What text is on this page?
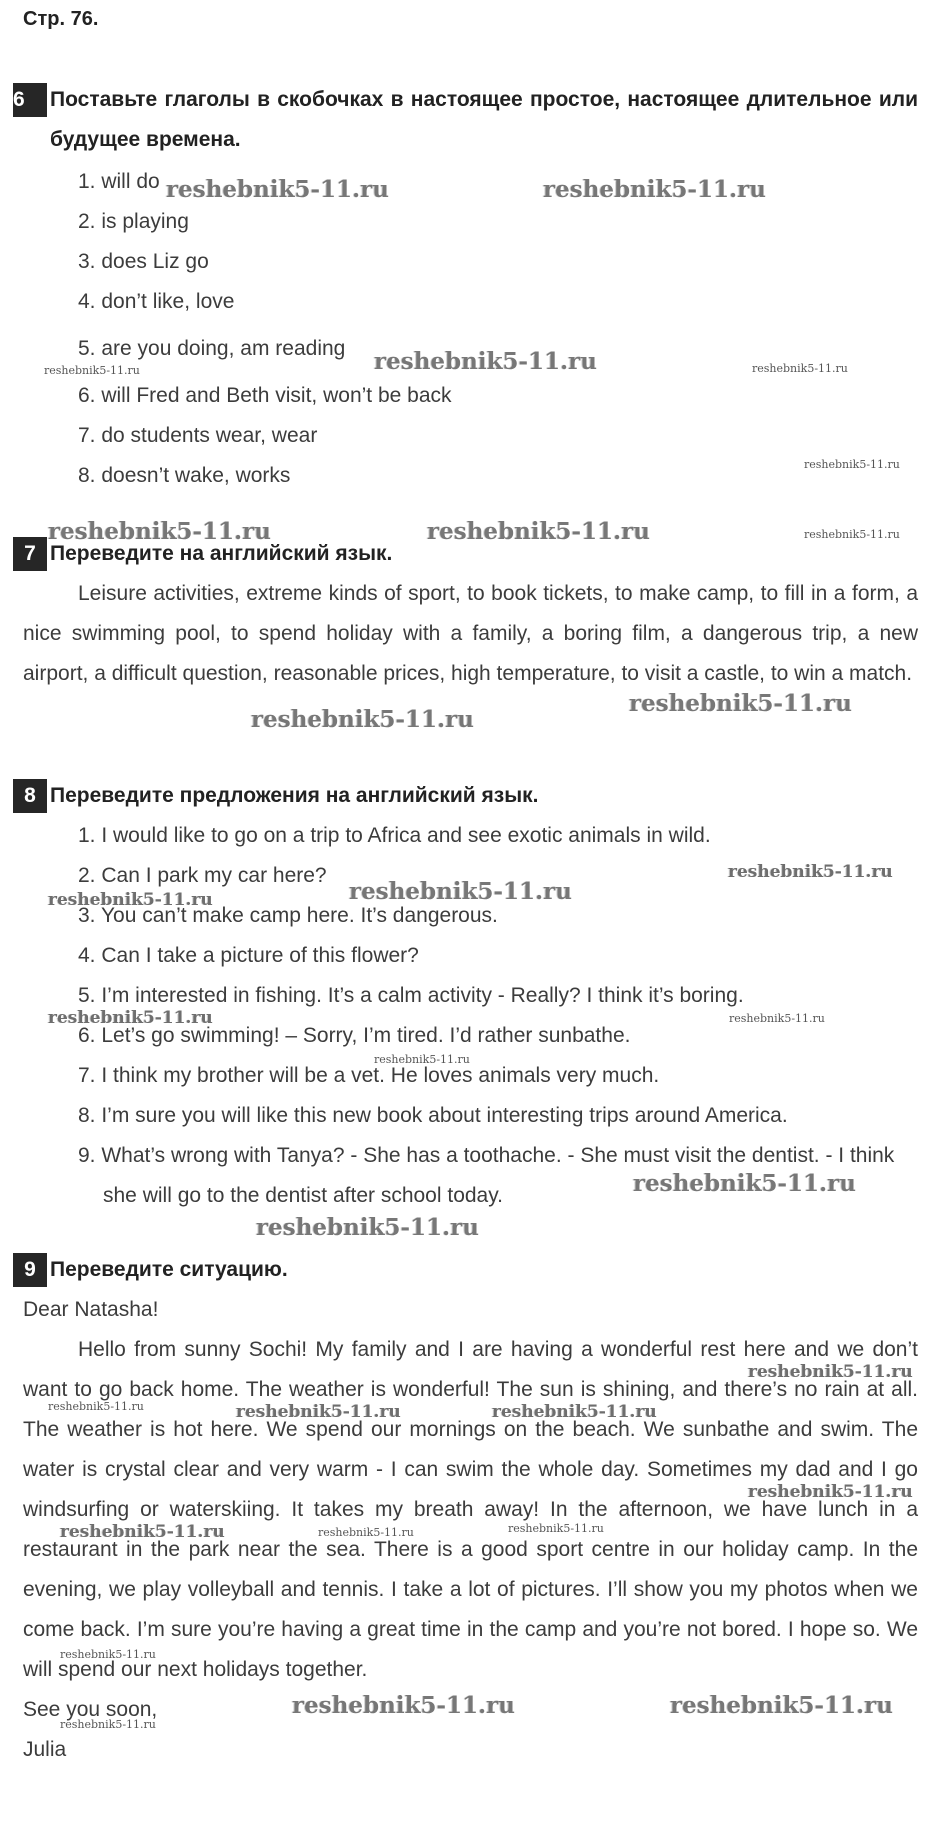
Стр. 76.
6	Поставьте глаголы в скобочках в настоящее простое, настоящее длительное или будущее времена.
1. will do
2. is playing
3. does Liz go
4. don’t like, love
5. are you doing, am reading
6. will Fred and Beth visit, won’t be back
7. do students wear, wear
8. doesn’t wake, works
7 Переведите на английский язык.

Leisure activities, extreme kinds of sport, to book tickets, to make camp, to fill in a form, a nice swimming pool, to spend holiday with a family, a boring film, a dangerous trip, a new airport, a difficult question, reasonable prices, high temperature, to visit a castle, to win a match.

8 Переведите предложения на английский язык.
1. I would like to go on a trip to Africa and see exotic animals in wild.
2. Can I park my car here?
3. You can’t make camp here. It’s dangerous.
4. Can I take a picture of this flower?
5. I’m interested in fishing. It’s a calm activity - Really? I think it’s boring.
6. Let’s go swimming! – Sorry, I’m tired. I’d rather sunbathe.
7. I think my brother will be a vet. He loves animals very much.
8. I’m sure you will like this new book about interesting trips around America.
9. What’s wrong with Tanya? - She has a toothache. - She must visit the dentist. - I think she will go to the dentist after school today.
9 Переведите ситуацию.

Dear Natasha!

Hello from sunny Sochi! My family and I are having a wonderful rest here and we don’t want to go back home. The weather is wonderful! The sun is shining, and there’s no rain at all. The weather is hot here. We spend our mornings on the beach. We sunbathe and swim. The water is crystal clear and very warm - I can swim the whole day. Sometimes my dad and I go windsurfing or waterskiing. It takes my breath away! In the afternoon, we have lunch in a restaurant in the park near the sea. There is a good sport centre in our holiday camp. In the evening, we play volleyball and tennis. I take a lot of pictures. I’ll show you my photos when we come back. I’m sure you’re having a great time in the camp and you’re not bored. I hope so. We will spend our next holidays together.

See you soon,

Julia

reshebnik5-11.ru	reshebnik5-11.ru
reshebnik5-11.ru	reshebnik5-11.ru	reshebnik5-11.ru
reshebnik5-11.ru
reshebnik5-11.ru	reshebnik5-11.ru	reshebnik5-11.ru
reshebnik5-11.ru
reshebnik5-11.ru
reshebnik5-11.ru
reshebnik5-11.ru
reshebnik5-11.ru
reshebnik5-11.ru	reshebnik5-11.ru
reshebnik5-11.ru
reshebnik5-11.ru
reshebnik5-11.ru
reshebnik5-11.ru
reshebnik5-11.ru	reshebnik5-11.ru	reshebnik5-11.ru
reshebnik5-11.ru
reshebnik5-11.ru	reshebnik5-11.ru	reshebnik5-11.ru
reshebnik5-11.ru
reshebnik5-11.ru	reshebnik5-11.ru
reshebnik5-11.ru
